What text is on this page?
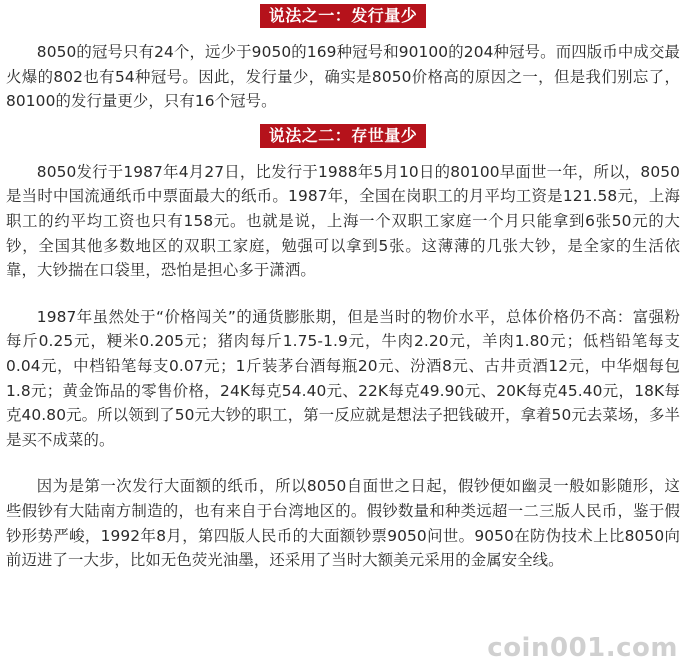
说法之一：发行量少

8050的冠号只有24个，远少于9050的169种冠号和90100的204种冠号。而四版币中成交最火爆的802也有54种冠号。因此，发行量少，确实是8050价格高的原因之一，但是我们别忘了，80100的发行量更少，只有16个冠号。

说法之二：存世量少

8050发行于1987年4月27日，比发行于1988年5月10日的80100早面世一年，所以，8050是当时中国流通纸币中票面最大的纸币。1987年，全国在岗职工的月平均工资是121.58元，上海职工的约平均工资也只有158元。也就是说，上海一个双职工家庭一个月只能拿到6张50元的大钞，全国其他多数地区的双职工家庭，勉强可以拿到5张。这薄薄的几张大钞，是全家的生活依靠，大钞揣在口袋里，恐怕是担心多于潇洒。

1987年虽然处于“价格闯关”的通货膨胀期，但是当时的物价水平，总体价格仍不高：富强粉每斤0.25元，粳米0.205元；猪肉每斤1.75-1.9元，牛肉2.20元，羊肉1.80元；低档铅笔每支0.04元，中档铅笔每支0.07元；1斤装茅台酒每瓶20元、汾酒8元、古井贡酒12元，中华烟每包1.8元；黄金饰品的零售价格，24K每克54.40元、22K每克49.90元、20K每克45.40元，18K每克40.80元。所以领到了50元大钞的职工，第一反应就是想法子把钱破开，拿着50元去菜场，多半是买不成菜的。

因为是第一次发行大面额的纸币，所以8050自面世之日起，假钞便如幽灵一般如影随形，这些假钞有大陆南方制造的，也有来自于台湾地区的。假钞数量和种类远超一二三版人民币，鉴于假钞形势严峻，1992年8月，第四版人民币的大面额钞票9050问世。9050在防伪技术上比8050向前迈进了一大步，比如无色荧光油墨，还采用了当时大额美元采用的金属安全线。

coin001.com
